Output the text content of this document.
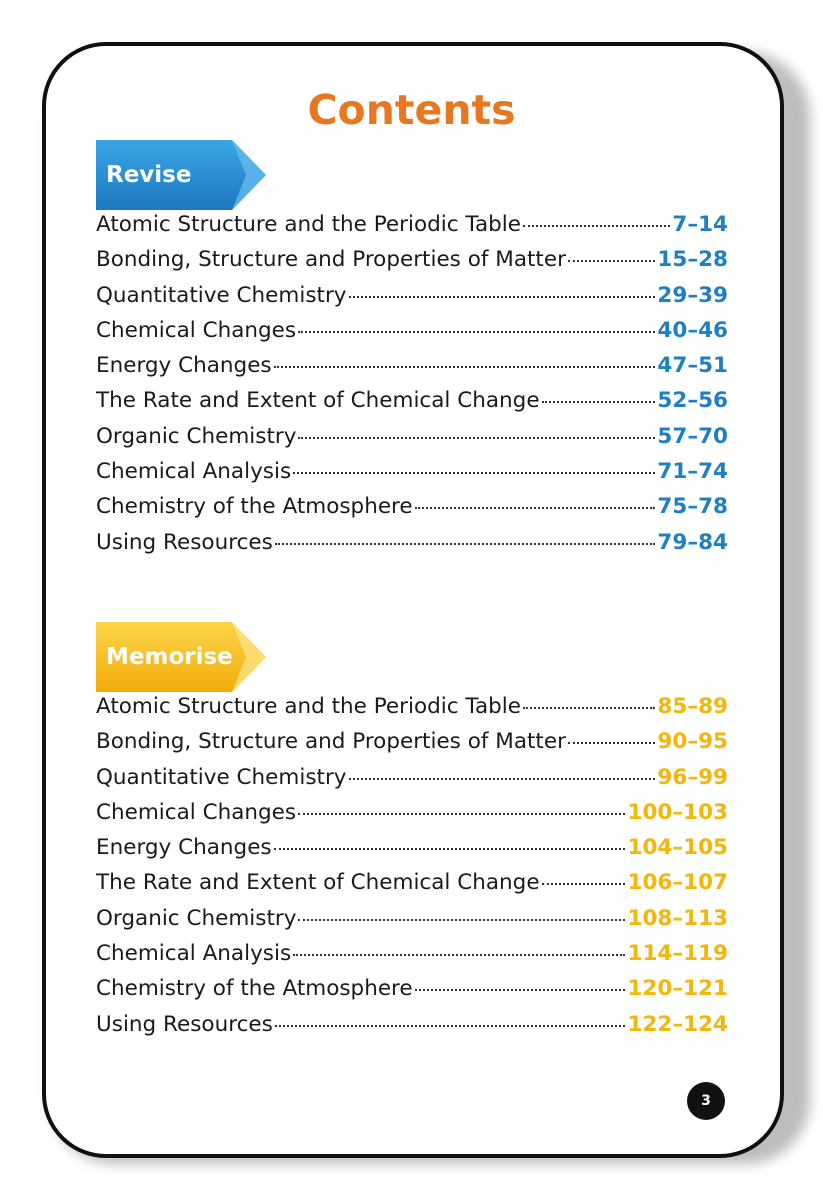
Contents
Revise
Atomic Structure and the Periodic Table	7–14
Bonding, Structure and Properties of Matter	15–28
Quantitative Chemistry	29–39
Chemical Changes	40–46
Energy Changes	47–51
The Rate and Extent of Chemical Change	52–56
Organic Chemistry	57–70
Chemical Analysis	71–74
Chemistry of the Atmosphere	75–78
Using Resources	79–84
Memorise
Atomic Structure and the Periodic Table	85–89
Bonding, Structure and Properties of Matter	90–95
Quantitative Chemistry	96–99
Chemical Changes	100–103
Energy Changes	104–105
The Rate and Extent of Chemical Change	106–107
Organic Chemistry	108–113
Chemical Analysis	114–119
Chemistry of the Atmosphere	120–121
Using Resources	122–124
3
